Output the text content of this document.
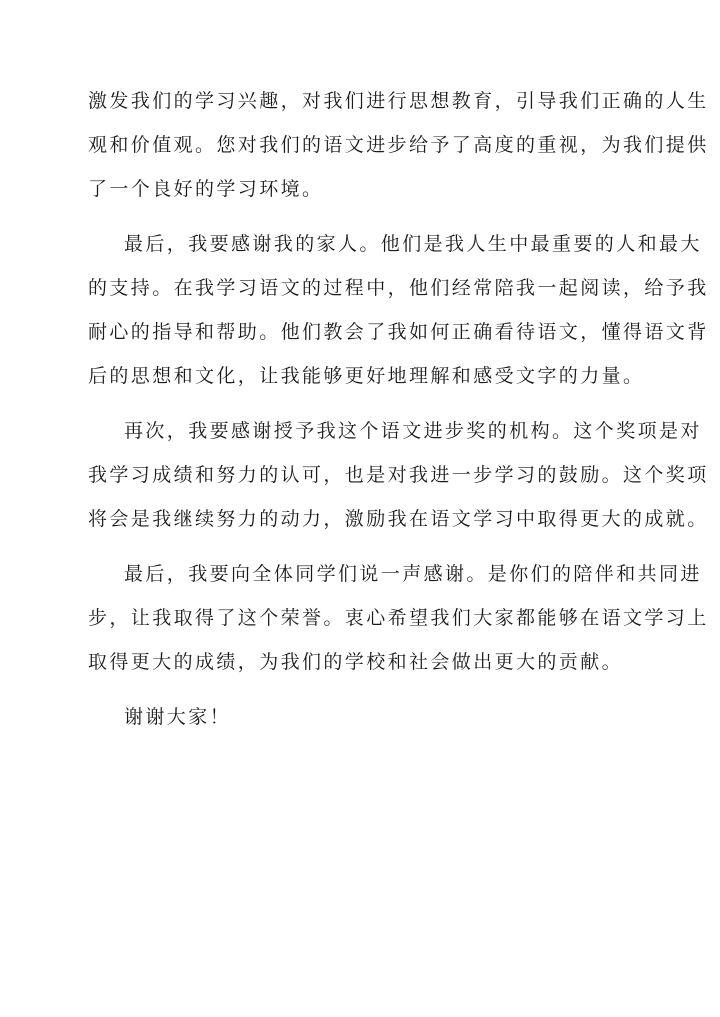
激发我们的学习兴趣，对我们进行思想教育，引导我们正确的人生
观和价值观。您对我们的语文进步给予了高度的重视，为我们提供
了一个良好的学习环境。
最后，我要感谢我的家人。他们是我人生中最重要的人和最大
的支持。在我学习语文的过程中，他们经常陪我一起阅读，给予我
耐心的指导和帮助。他们教会了我如何正确看待语文，懂得语文背
后的思想和文化，让我能够更好地理解和感受文字的力量。
再次，我要感谢授予我这个语文进步奖的机构。这个奖项是对
我学习成绩和努力的认可，也是对我进一步学习的鼓励。这个奖项
将会是我继续努力的动力，激励我在语文学习中取得更大的成就。
最后，我要向全体同学们说一声感谢。是你们的陪伴和共同进
步，让我取得了这个荣誉。衷心希望我们大家都能够在语文学习上
取得更大的成绩，为我们的学校和社会做出更大的贡献。
谢谢大家！
